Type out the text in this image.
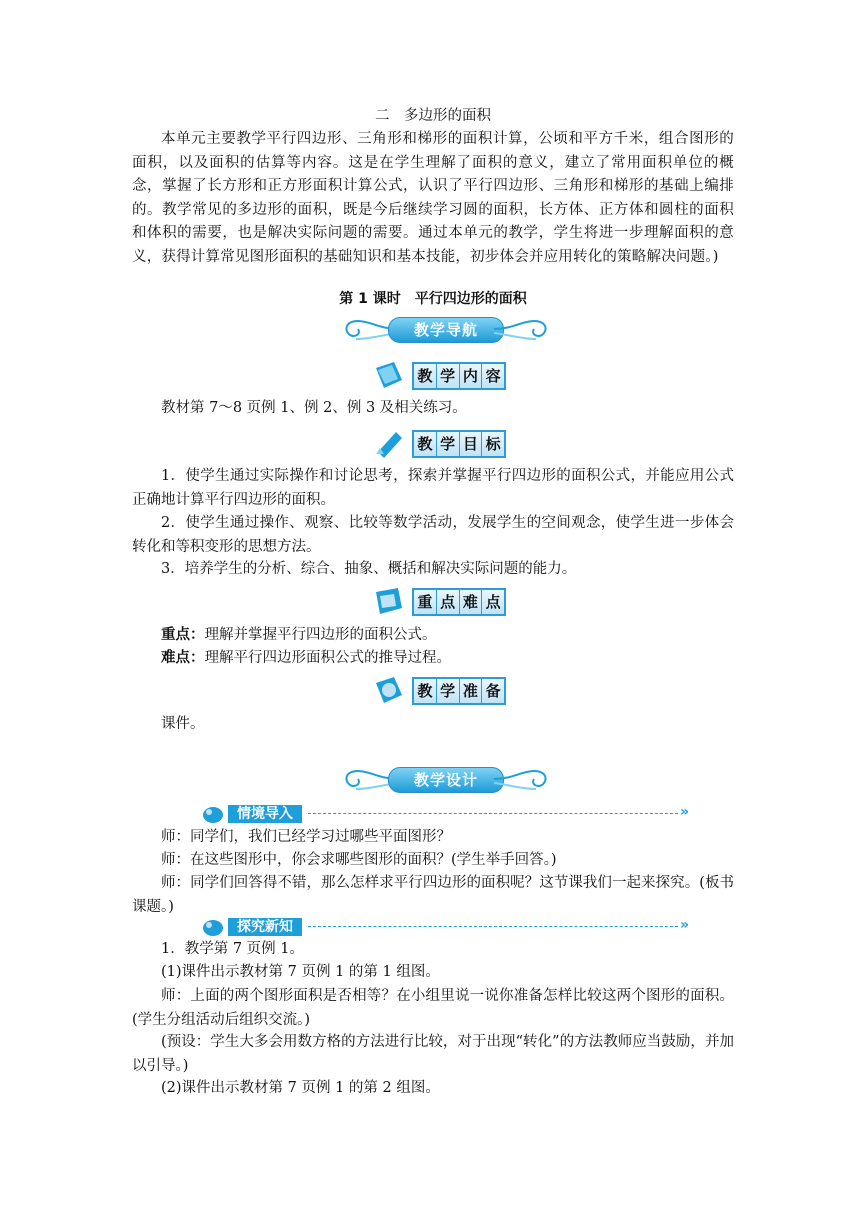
二　多边形的面积
本单元主要教学平行四边形、三角形和梯形的面积计算，公顷和平方千米，组合图形的面积，以及面积的估算等内容。这是在学生理解了面积的意义，建立了常用面积单位的概念，掌握了长方形和正方形面积计算公式，认识了平行四边形、三角形和梯形的基础上编排的。教学常见的多边形的面积，既是今后继续学习圆的面积，长方体、正方体和圆柱的面积和体积的需要，也是解决实际问题的需要。通过本单元的教学，学生将进一步理解面积的意义，获得计算常见图形面积的基础知识和基本技能，初步体会并应用转化的策略解决问题。)
第 1 课时　平行四边形的面积
教学导航
教 学 内 容
教材第 7～8 页例 1、例 2、例 3 及相关练习。
教 学 目 标
1．使学生通过实际操作和讨论思考，探索并掌握平行四边形的面积公式，并能应用公式正确地计算平行四边形的面积。
2．使学生通过操作、观察、比较等数学活动，发展学生的空间观念，使学生进一步体会转化和等积变形的思想方法。
3．培养学生的分析、综合、抽象、概括和解决实际问题的能力。
重 点 难 点
重点：理解并掌握平行四边形的面积公式。
难点：理解平行四边形面积公式的推导过程。
教 学 准 备
课件。
教学设计
情境导入	»
师：同学们，我们已经学习过哪些平面图形？
师：在这些图形中，你会求哪些图形的面积？(学生举手回答。)
师：同学们回答得不错，那么怎样求平行四边形的面积呢？这节课我们一起来探究。(板书课题。)
探究新知	»
1．教学第 7 页例 1。
(1)课件出示教材第 7 页例 1 的第 1 组图。
师：上面的两个图形面积是否相等？在小组里说一说你准备怎样比较这两个图形的面积。(学生分组活动后组织交流。)
(预设：学生大多会用数方格的方法进行比较，对于出现“转化”的方法教师应当鼓励，并加以引导。)
(2)课件出示教材第 7 页例 1 的第 2 组图。
